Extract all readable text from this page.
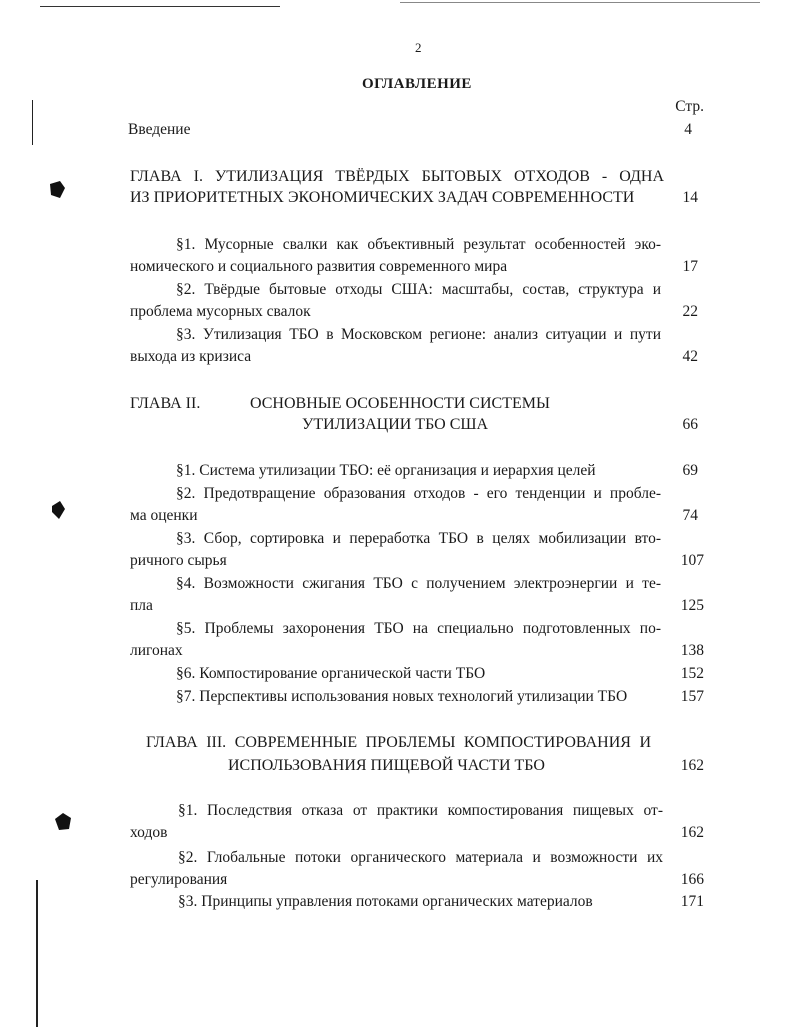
2
ОГЛАВЛЕНИЕ
Стр.
Введение	4
ГЛАВА I. УТИЛИЗАЦИЯ ТВЁРДЫХ БЫТОВЫХ ОТХОДОВ - ОДНА
ИЗ ПРИОРИТЕТНЫХ ЭКОНОМИЧЕСКИХ ЗАДАЧ СОВРЕМЕННОСТИ	14
§1. Мусорные свалки как объективный результат особенностей эко-
номического и социального развития современного мира	17
§2. Твёрдые бытовые отходы США: масштабы, состав, структура и
проблема мусорных свалок	22
§3. Утилизация ТБО в Московском регионе: анализ ситуации и пути
выхода из кризиса	42
ГЛАВА II.	ОСНОВНЫЕ ОСОБЕННОСТИ СИСТЕМЫ
УТИЛИЗАЦИИ ТБО США	66
§1. Система утилизации ТБО: её организация и иерархия целей	69
§2. Предотвращение образования отходов - его тенденции и пробле-
ма оценки	74
§3. Сбор, сортировка и переработка ТБО в целях мобилизации вто-
ричного сырья	107
§4. Возможности сжигания ТБО с получением электроэнергии и те-
пла	125
§5. Проблемы захоронения ТБО на специально подготовленных по-
лигонах	138
§6. Компостирование органической части ТБО	152
§7. Перспективы использования новых технологий утилизации ТБО	157
ГЛАВА III. СОВРЕМЕННЫЕ ПРОБЛЕМЫ КОМПОСТИРОВАНИЯ И
ИСПОЛЬЗОВАНИЯ ПИЩЕВОЙ ЧАСТИ ТБО	162
§1. Последствия отказа от практики компостирования пищевых от-
ходов	162
§2. Глобальные потоки органического материала и возможности их
регулирования	166
§3. Принципы управления потоками органических материалов	171
